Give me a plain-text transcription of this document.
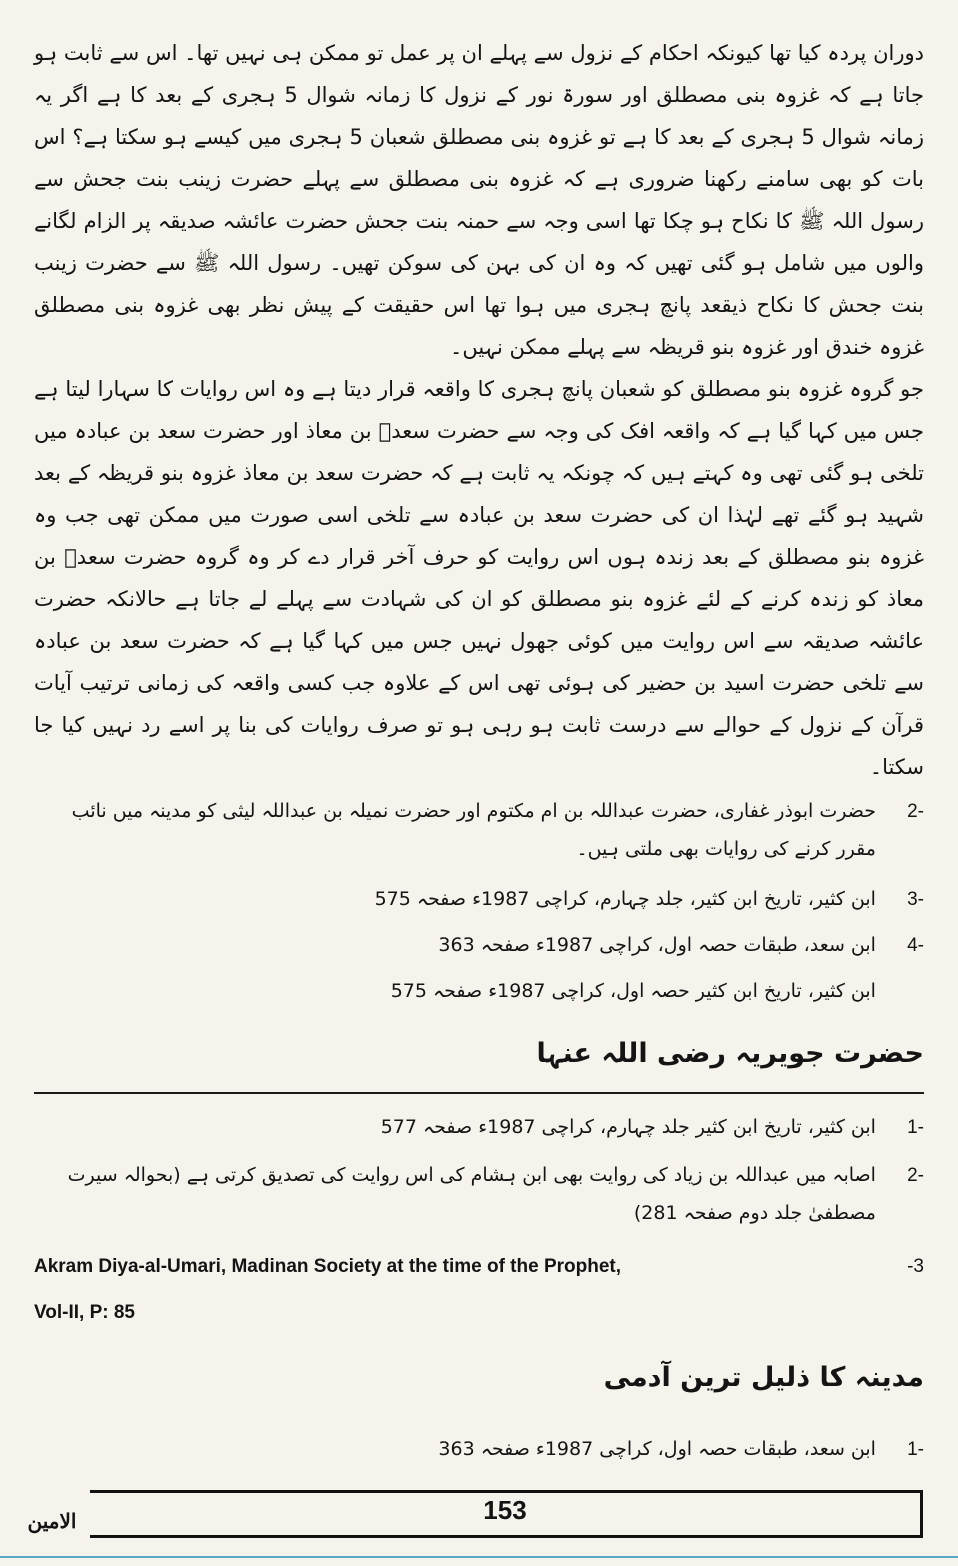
دوران پردہ کیا تھا کیونکہ احکام کے نزول سے پہلے ان پر عمل تو ممکن ہی نہیں تھا۔ اس سے ثابت ہو جاتا ہے کہ غزوہ بنی مصطلق اور سورۃ نور کے نزول کا زمانہ شوال 5 ہجری کے بعد کا ہے اگر یہ زمانہ شوال 5 ہجری کے بعد کا ہے تو غزوہ بنی مصطلق شعبان 5 ہجری میں کیسے ہو سکتا ہے؟ اس بات کو بھی سامنے رکھنا ضروری ہے کہ غزوہ بنی مصطلق سے پہلے حضرت زینب بنت جحش سے رسول اللہ ﷺ کا نکاح ہو چکا تھا اسی وجہ سے حمنہ بنت جحش حضرت عائشہ صدیقہ پر الزام لگانے والوں میں شامل ہو گئی تھیں کہ وہ ان کی بہن کی سوکن تھیں۔ رسول اللہ ﷺ سے حضرت زینب بنت جحش کا نکاح ذیقعد پانچ ہجری میں ہوا تھا اس حقیقت کے پیش نظر بھی غزوہ بنی مصطلق غزوہ خندق اور غزوہ بنو قریظہ سے پہلے ممکن نہیں۔
جو گروہ غزوہ بنو مصطلق کو شعبان پانچ ہجری کا واقعہ قرار دیتا ہے وہ اس روایات کا سہارا لیتا ہے جس میں کہا گیا ہے کہ واقعہ افک کی وجہ سے حضرت سعدؓ بن معاذ اور حضرت سعد بن عبادہ میں تلخی ہو گئی تھی وہ کہتے ہیں کہ چونکہ یہ ثابت ہے کہ حضرت سعد بن معاذ غزوہ بنو قریظہ کے بعد شہید ہو گئے تھے لہٰذا ان کی حضرت سعد بن عبادہ سے تلخی اسی صورت میں ممکن تھی جب وہ غزوہ بنو مصطلق کے بعد زندہ ہوں اس روایت کو حرف آخر قرار دے کر وہ گروہ حضرت سعدؓ بن معاذ کو زندہ کرنے کے لئے غزوہ بنو مصطلق کو ان کی شہادت سے پہلے لے جاتا ہے حالانکہ حضرت عائشہ صدیقہ سے اس روایت میں کوئی جھول نہیں جس میں کہا گیا ہے کہ حضرت سعد بن عبادہ سے تلخی حضرت اسید بن حضیر کی ہوئی تھی اس کے علاوہ جب کسی واقعہ کی زمانی ترتیب آیات قرآن کے نزول کے حوالے سے درست ثابت ہو رہی ہو تو صرف روایات کی بنا پر اسے رد نہیں کیا جا سکتا۔
-2 حضرت ابوذر غفاری، حضرت عبداللہ بن ام مکتوم اور حضرت نمیلہ بن عبداللہ لیثی کو مدینہ میں نائب مقرر کرنے کی روایات بھی ملتی ہیں۔
-3 ابن کثیر، تاریخ ابن کثیر، جلد چہارم، کراچی 1987ء صفحہ 575
-4 ابن سعد، طبقات حصہ اول، کراچی 1987ء صفحہ 363
ابن کثیر، تاریخ ابن کثیر حصہ اول، کراچی 1987ء صفحہ 575
حضرت جویریہ رضی اللہ عنہا
-1 ابن کثیر، تاریخ ابن کثیر جلد چہارم، کراچی 1987ء صفحہ 577
-2 اصابہ میں عبداللہ بن زیاد کی روایت بھی ابن ہشام کی اس روایت کی تصدیق کرتی ہے (بحوالہ سیرت مصطفیٰ جلد دوم صفحہ 281)
Akram Diya-al-Umari, Madinan Society at the time of the Prophet,
Vol-II, P: 85
-3
مدینہ کا ذلیل ترین آدمی
-1 ابن سعد، طبقات حصہ اول، کراچی 1987ء صفحہ 363
الامین	153
